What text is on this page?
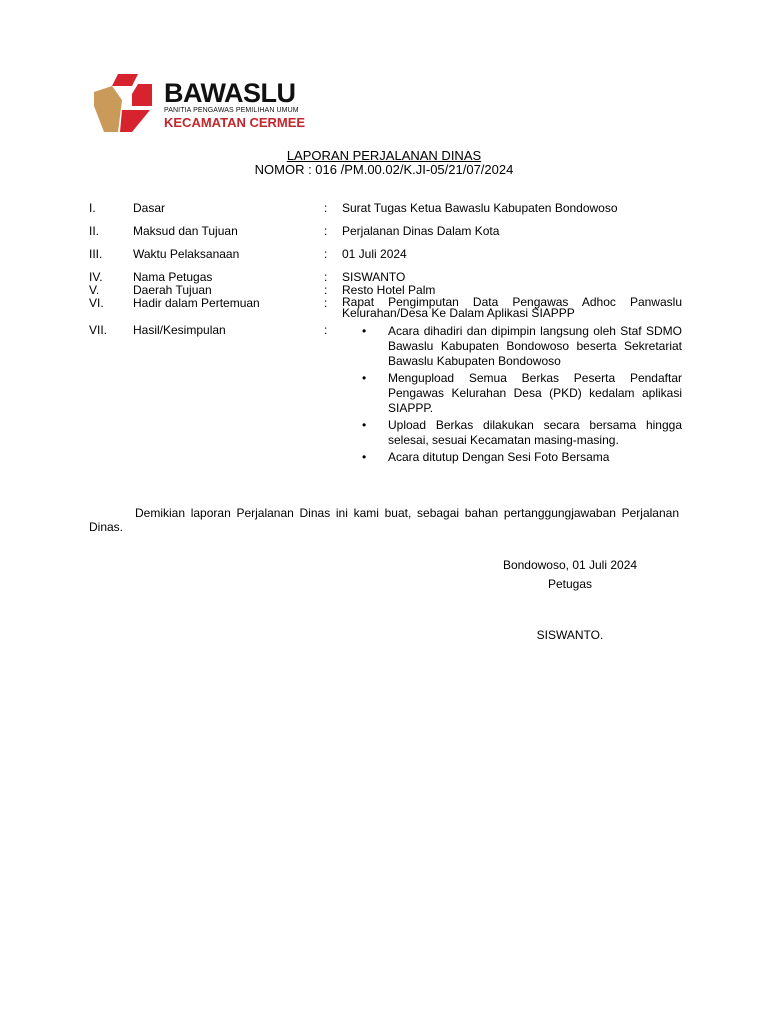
BAWASLU
PANITIA PENGAWAS PEMILIHAN UMUM
KECAMATAN CERMEE
LAPORAN PERJALANAN DINAS
NOMOR : 016 /PM.00.02/K.JI-05/21/07/2024
I.	Dasar	: Surat Tugas Ketua Bawaslu Kabupaten Bondowoso
II.	Maksud dan Tujuan	: Perjalanan Dinas Dalam Kota
III.	Waktu Pelaksanaan	: 01 Juli 2024
IV.	Nama Petugas	: SISWANTO
V.	Daerah Tujuan	: Resto Hotel Palm
VI. Hadir dalam Pertemuan	: Rapat Pengimputan Data Pengawas Adhoc Panwaslu Kelurahan/Desa Ke Dalam Aplikasi SIAPPP
VII. Hasil/Kesimpulan	:	• Acara dihadiri dan dipimpin langsung oleh Staf SDMO Bawaslu Kabupaten Bondowoso beserta Sekretariat Bawaslu Kabupaten Bondowoso
• Mengupload Semua Berkas Peserta Pendaftar Pengawas Kelurahan Desa (PKD) kedalam aplikasi SIAPPP.
• Upload Berkas dilakukan secara bersama hingga selesai, sesuai Kecamatan masing-masing.
• Acara ditutup Dengan Sesi Foto Bersama
Demikian laporan Perjalanan Dinas ini kami buat, sebagai bahan pertanggungjawaban Perjalanan Dinas.
Bondowoso, 01 Juli 2024
Petugas
SISWANTO.
